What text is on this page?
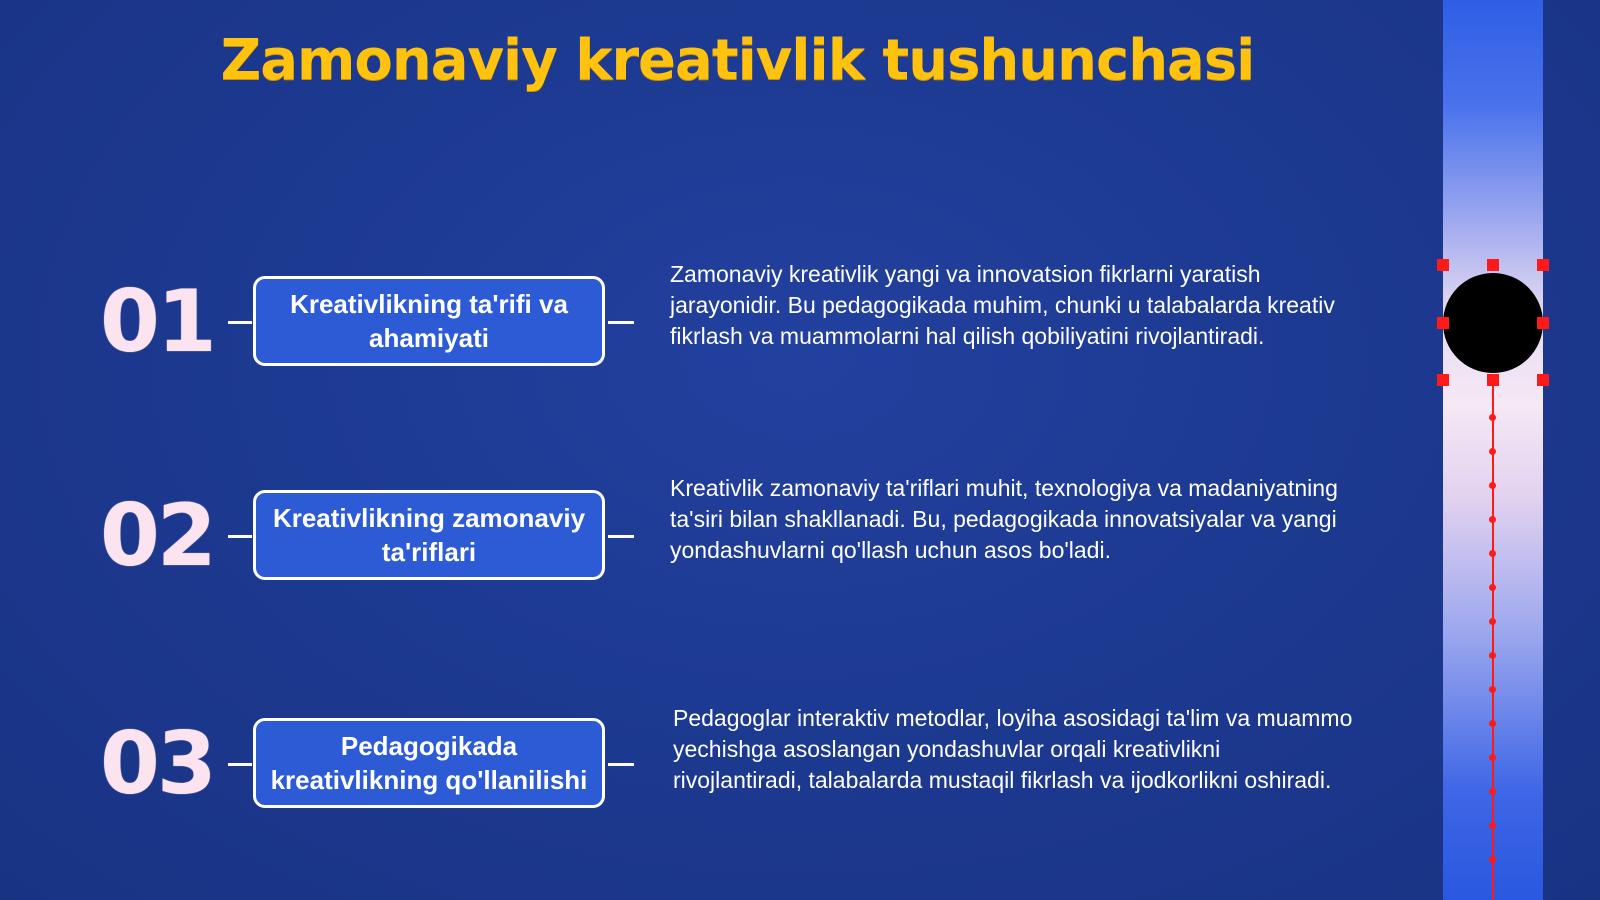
Zamonaviy kreativlik tushunchasi
01	Kreativlikning ta'rifi va ahamiyati

Zamonaviy kreativlik yangi va innovatsion fikrlarni yaratish jarayonidir. Bu pedagogikada muhim, chunki u talabalarda kreativ fikrlash va muammolarni hal qilish qobiliyatini rivojlantiradi.

02	Kreativlikning zamonaviy ta'riflari

Kreativlik zamonaviy ta'riflari muhit, texnologiya va madaniyatning ta'siri bilan shakllanadi. Bu, pedagogikada innovatsiyalar va yangi yondashuvlarni qo'llash uchun asos bo'ladi.

03	Pedagogikada kreativlikning qo'llanilishi

Pedagoglar interaktiv metodlar, loyiha asosidagi ta'lim va muammo yechishga asoslangan yondashuvlar orqali kreativlikni rivojlantiradi, talabalarda mustaqil fikrlash va ijodkorlikni oshiradi.
